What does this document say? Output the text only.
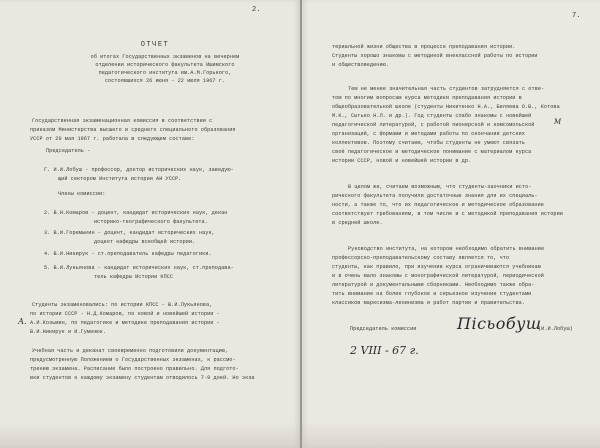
2.
ОТЧЕТ
об итогах Государственных экзаменов на вечернем
отделении исторического факультета Ишимского
педагогического института им.А.М.Горького,
состоявшихся 26 июня - 22 июля 1967 г.
Государственная экзаменационная комиссия в соответствии с
приказом Министерства высшего и среднего специального образования
УССР от 20 мая 1967 г. работала в следующем составе:
Председатель -
Г. И.И.Лобуш - профессор, доктор исторических наук, заведую-
щий сектором Института истории АН УССР.
Члены комиссии:
2. В.Н.Комаров - доцент, кандидат исторических наук, декан
историко-географического факультета.
3. В.И.Горемыкин - доцент, кандидат исторических наук,
доцент кафедры всеобщей истории.
4. В.И.Никирук - ст.преподаватель кафедры педагогики.
5. В.И.Лукьянова - кандидат исторических наук, ст.преподава-
тель кафедры Истории КПСС
Студенты экзаменовались: по истории КПСС - В.И.Лукьянова,
по истории СССР - Н.Д.Комаров, по новой и новейшей истории -
А. А.И.Козьмин, по педагогике и методике преподавания истории -
В.И.Никирук и И.Гуменюк.
Учебная часть и деканат своевременно подготовили документацию,
предусмотренную Положением о Государственных экзаменах, к рассмо-
трению экзамена. Расписание было построено правильно. Для подгото-
вки студентов к каждому экзамену студентам отводилось 7-9 дней. Но экза
7.
териальной жизни общества в процессе преподавания истории.
Студенты хорошо знакомы с методикой внеклассной работы по истории
и обществоведению.
Тем не менее значительная часть студентов затрудняется с отве-
том по многим вопросам курса методики преподавания истории в
общеобразовательной школе (студенты Никитенко Н.А., Беляева О.В., Котова
М.К., Сытько Н.Л. и др.). Год студенты слабо знакомы с новейшей
педагогической литературой, с работой пионерской и комсомольской
организаций, с формами и методами работы по окончании детских
коллективов. Поэтому считаем, чтобы студенты не умеют связать
своё педагогическое и методическое понимание с материалом курса
истории СССР, новой и новейшей истории в др.
М
В целом же, считаем возможным, что студенты-заочники исто-
рического факультета получили достаточные знания для их специаль-
ности, а также то, что их педагогическое и методическое образование
соответствует требованиям, в том числе и с методикой преподавания истории
в средней школе.
Руководство института, на котором необходимо обратить внимание
профессорско-преподавательскому составу является то, что
студенты, как правило, при изучении курса ограничиваются учебникам
и в очень мало знакомы с монографической литературой, периодической
литературой и документальными сборниками. Необходимо также обра-
тить внимание на более глубокое и серьезное изучение студентами
классиков марксизма-ленинизма и работ партии и правительства.
Председатель комиссии	Пісьобуш
(И.И.Лобуш)
2 VIII - 67 г.
